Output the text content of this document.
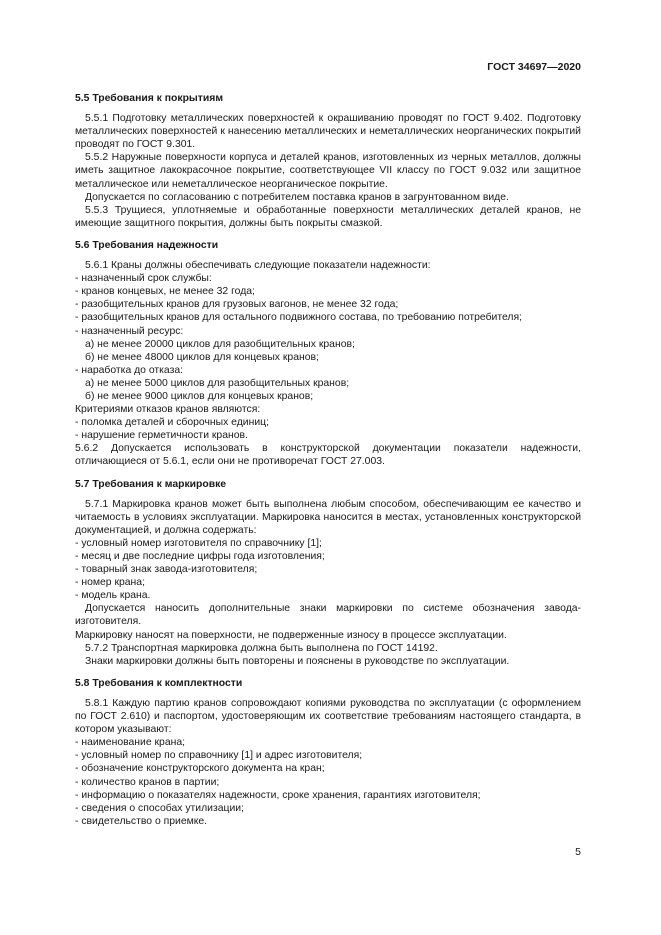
ГОСТ 34697—2020
5.5 Требования к покрытиям

5.5.1 Подготовку металлических поверхностей к окрашиванию проводят по ГОСТ 9.402. Подготовку металлических поверхностей к нанесению металлических и неметаллических неорганических покрытий проводят по ГОСТ 9.301.

5.5.2 Наружные поверхности корпуса и деталей кранов, изготовленных из черных металлов, должны иметь защитное лакокрасочное покрытие, соответствующее VII классу по ГОСТ 9.032 или защитное металлическое или неметаллическое неорганическое покрытие.

Допускается по согласованию с потребителем поставка кранов в загрунтованном виде.

5.5.3 Трущиеся, уплотняемые и обработанные поверхности металлических деталей кранов, не имеющие защитного покрытия, должны быть покрыты смазкой.

5.6 Требования надежности

5.6.1 Краны должны обеспечивать следующие показатели надежности:

- назначенный срок службы:

- кранов концевых, не менее 32 года;

- разобщительных кранов для грузовых вагонов, не менее 32 года;

- разобщительных кранов для остального подвижного состава, по требованию потребителя;

- назначенный ресурс:

а) не менее 20000 циклов для разобщительных кранов;

б) не менее 48000 циклов для концевых кранов;

- наработка до отказа:

а) не менее 5000 циклов для разобщительных кранов;

б) не менее 9000 циклов для концевых кранов;

Критериями отказов кранов являются:

- поломка деталей и сборочных единиц;

- нарушение герметичности кранов.

5.6.2 Допускается использовать в конструкторской документации показатели надежности, отличающиеся от 5.6.1, если они не противоречат ГОСТ 27.003.

5.7 Требования к маркировке

5.7.1 Маркировка кранов может быть выполнена любым способом, обеспечивающим ее качество и читаемость в условиях эксплуатации. Маркировка наносится в местах, установленных конструкторской документацией, и должна содержать:

- условный номер изготовителя по справочнику [1];

- месяц и две последние цифры года изготовления;

- товарный знак завода-изготовителя;

- номер крана;

- модель крана.

Допускается наносить дополнительные знаки маркировки по системе обозначения завода-изготовителя.

Маркировку наносят на поверхности, не подверженные износу в процессе эксплуатации.

5.7.2 Транспортная маркировка должна быть выполнена по ГОСТ 14192.

Знаки маркировки должны быть повторены и пояснены в руководстве по эксплуатации.

5.8 Требования к комплектности

5.8.1 Каждую партию кранов сопровождают копиями руководства по эксплуатации (с оформлением по ГОСТ 2.610) и паспортом, удостоверяющим их соответствие требованиям настоящего стандарта, в котором указывают:

- наименование крана;

- условный номер по справочнику [1] и адрес изготовителя;

- обозначение конструкторского документа на кран;

- количество кранов в партии;

- информацию о показателях надежности, сроке хранения, гарантиях изготовителя;

- сведения о способах утилизации;

- свидетельство о приемке.

5
